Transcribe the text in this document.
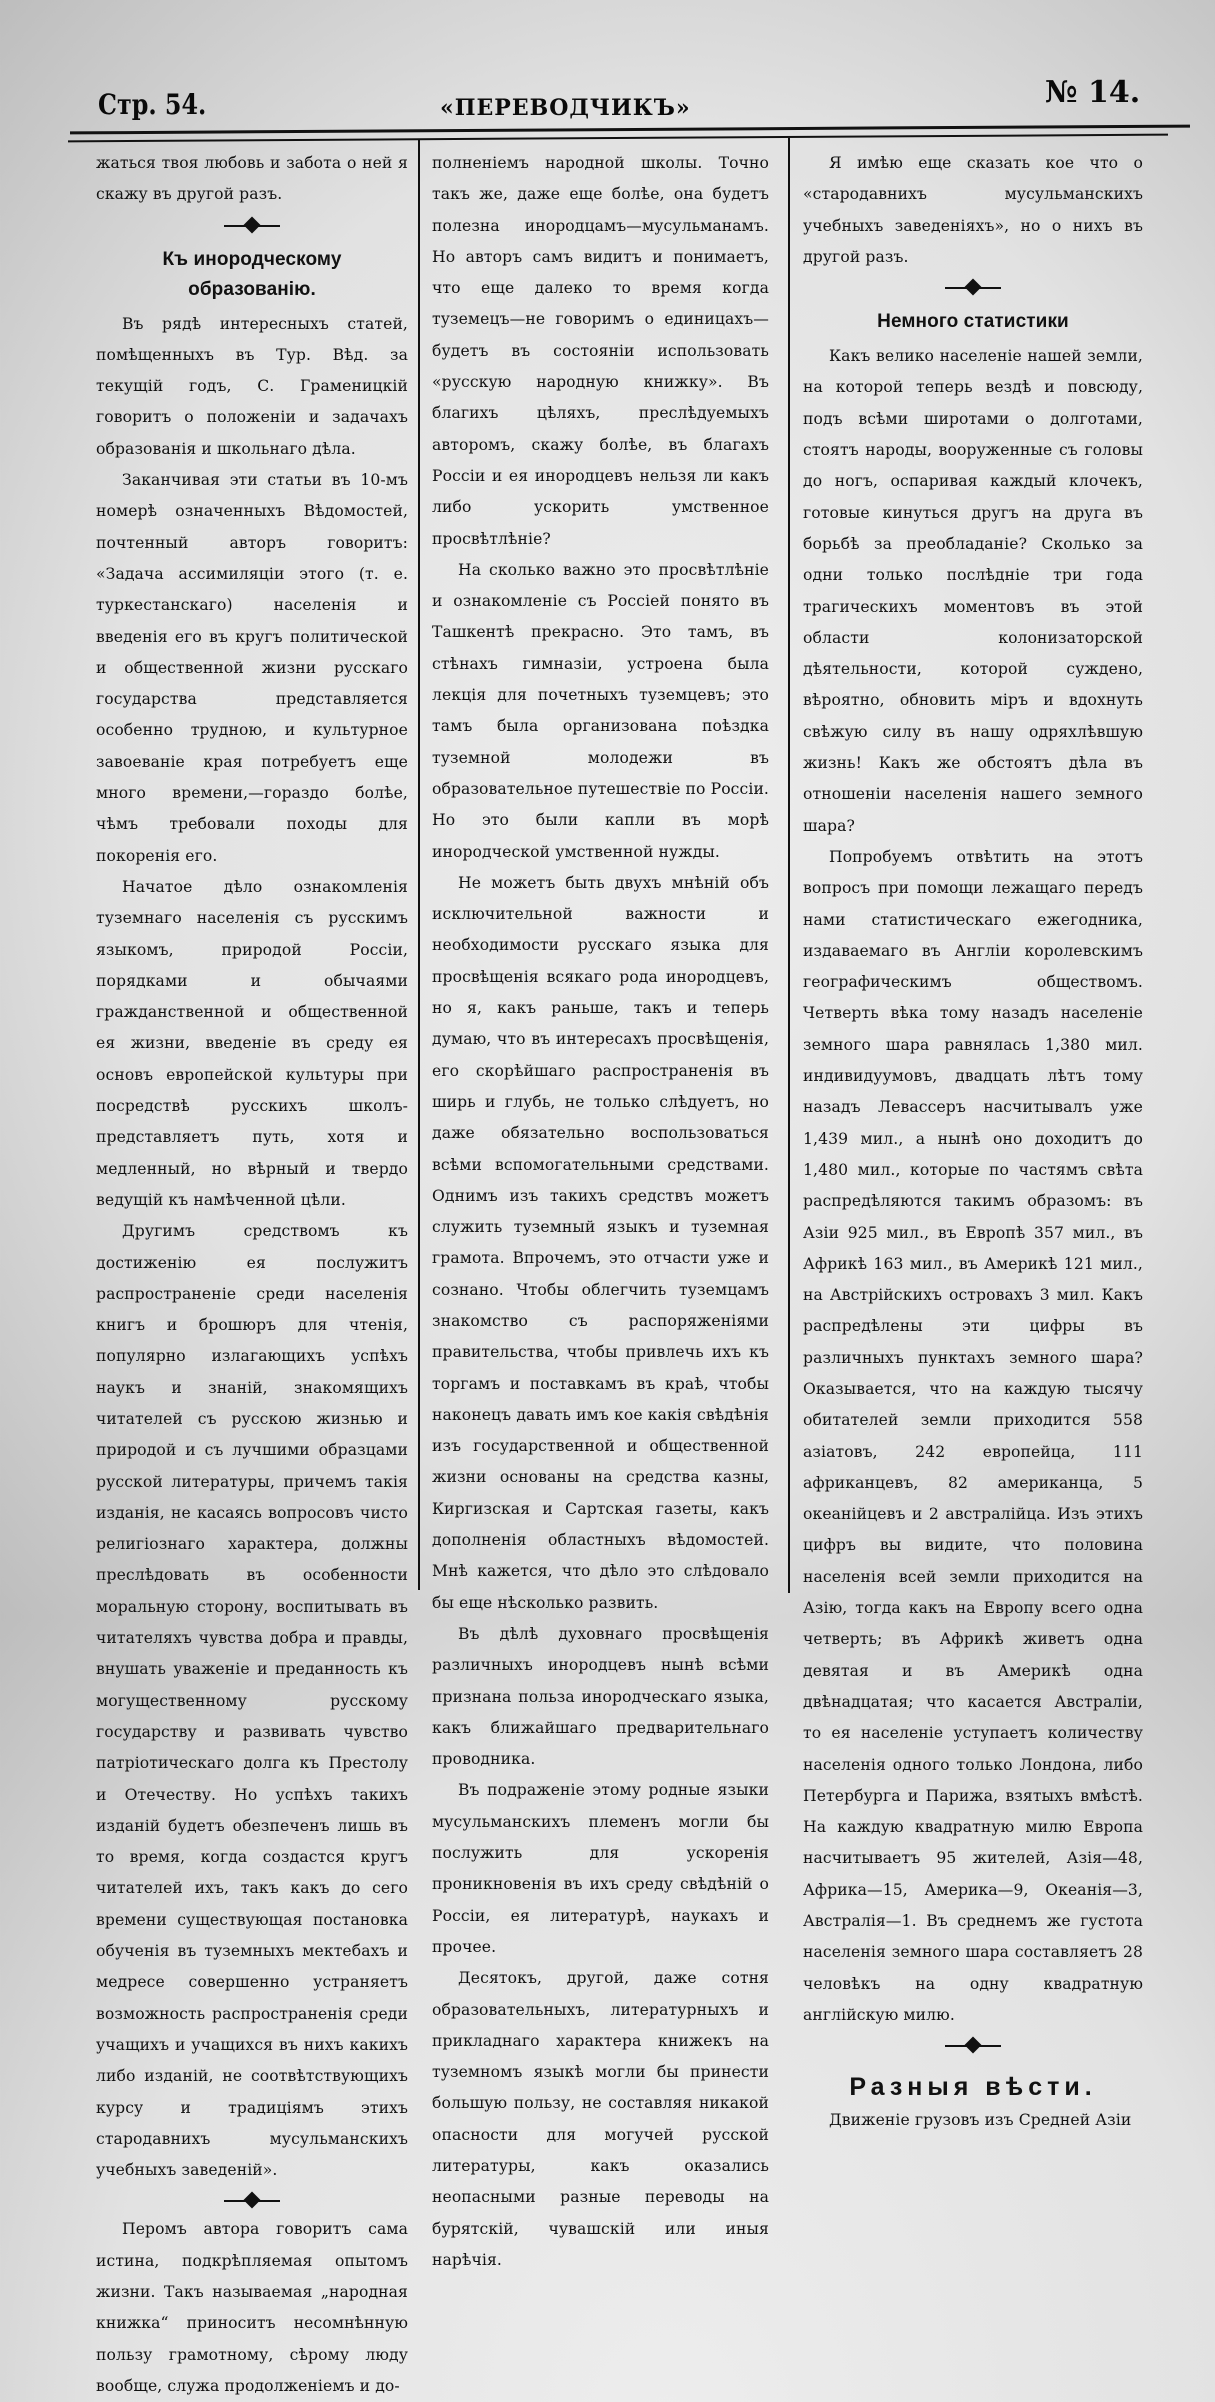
Стр. 54.	«ПЕРЕВОДЧИКЪ»	№ 14.

жаться твоя любовь и забота о ней я скажу въ другой разъ.

Къ инородческому образованію.

Въ рядѣ интересныхъ статей, помѣщенныхъ въ Тур. Вѣд. за текущій годъ, С. Граменицкій говоритъ о положеніи и задачахъ образованія и школьнаго дѣла.

Заканчивая эти статьи въ 10-мъ номерѣ означенныхъ Вѣдомостей, почтенный авторъ говоритъ: «Задача ассимиляціи этого (т. е. туркестанскаго) населенія и введенія его въ кругъ политической и общественной жизни русскаго государства представляется особенно трудною, и культурное завоеваніе края потребуетъ еще много времени,—гораздо болѣе, чѣмъ требовали походы для покоренія его.

Начатое дѣло ознакомленія туземнаго населенія съ русскимъ языкомъ, природой Россіи, порядками и обычаями гражданственной и общественной ея жизни, введеніе въ среду ея основъ европейской культуры при посредствѣ русскихъ школъ-представляетъ путь, хотя и медленный, но вѣрный и твердо ведущій къ намѣченной цѣли.

Другимъ средствомъ къ достиженію ея послужитъ распространеніе среди населенія книгъ и брошюръ для чтенія, популярно излагающихъ успѣхъ наукъ и знаній, знакомящихъ читателей съ русскою жизнью и природой и съ лучшими образцами русской литературы, причемъ такія изданія, не касаясь вопросовъ чисто религіознаго характера, должны преслѣдовать въ особенности моральную сторону, воспитывать въ читателяхъ чувства добра и правды, внушать уваженіе и преданность къ могущественному русскому государству и развивать чувство патріотическаго долга къ Престолу и Отечеству. Но успѣхъ такихъ изданій будетъ обезпеченъ лишь въ то время, когда создастся кругъ читателей ихъ, такъ какъ до сего времени существующая постановка обученія въ туземныхъ мектебахъ и медресе совершенно устраняетъ возможность распространенія среди учащихъ и учащихся въ нихъ какихъ либо изданій, не соотвѣтствующихъ курсу и традиціямъ этихъ стародавнихъ мусульманскихъ учебныхъ заведеній».

Перомъ автора говоритъ сама истина, подкрѣпляемая опытомъ жизни. Такъ называемая „народная книжка“ приноситъ несомнѣнную пользу грамотному, сѣрому люду вообще, служа продолженіемъ и до-

полненіемъ народной школы. Точно такъ же, даже еще болѣе, она будетъ полезна инородцамъ—мусульманамъ. Но авторъ самъ видитъ и понимаетъ, что еще далеко то время когда туземецъ—не говоримъ о единицахъ—будетъ въ состояніи использовать «русскую народную книжку». Въ благихъ цѣляхъ, преслѣдуемыхъ авторомъ, скажу болѣе, въ благахъ Россіи и ея инородцевъ нельзя ли какъ либо ускорить умственное просвѣтлѣніе?

На сколько важно это просвѣтлѣніе и ознакомленіе съ Россіей понято въ Ташкентѣ прекрасно. Это тамъ, въ стѣнахъ гимназіи, устроена была лекція для почетныхъ туземцевъ; это тамъ была организована поѣздка туземной молодежи въ образовательное путешествіе по Россіи. Но это были капли въ морѣ инородческой умственной нужды.

Не можетъ быть двухъ мнѣній объ исключительной важности и необходимости русскаго языка для просвѣщенія всякаго рода инородцевъ, но я, какъ раньше, такъ и теперь думаю, что въ интересахъ просвѣщенія, его скорѣйшаго распространенія въ ширь и глубь, не только слѣдуетъ, но даже обязательно воспользоваться всѣми вспомогательными средствами. Однимъ изъ такихъ средствъ можетъ служить туземный языкъ и туземная грамота. Впрочемъ, это отчасти уже и сознано. Чтобы облегчить туземцамъ знакомство съ распоряженіями правительства, чтобы привлечь ихъ къ торгамъ и поставкамъ въ краѣ, чтобы наконецъ давать имъ кое какія свѣдѣнія изъ государственной и общественной жизни основаны на средства казны, Киргизская и Сартская газеты, какъ дополненія областныхъ вѣдомостей. Мнѣ кажется, что дѣло это слѣдовало бы еще нѣсколько развить.

Въ дѣлѣ духовнаго просвѣщенія различныхъ инородцевъ нынѣ всѣми признана польза инородческаго языка, какъ ближайшаго предварительнаго проводника.

Въ подраженіе этому родные языки мусульманскихъ племенъ могли бы послужить для ускоренія проникновенія въ ихъ среду свѣдѣній о Россіи, ея литературѣ, наукахъ и прочее.

Десятокъ, другой, даже сотня образовательныхъ, литературныхъ и прикладнаго характера книжекъ на туземномъ языкѣ могли бы принести большую пользу, не составляя никакой опасности для могучей русской литературы, какъ оказались неопасными разные переводы на бурятскій, чувашскій или иныя нарѣчія.

Я имѣю еще сказать кое что о «стародавнихъ мусульманскихъ учебныхъ заведеніяхъ», но о нихъ въ другой разъ.

Немного статистики

Какъ велико населеніе нашей земли, на которой теперь вездѣ и повсюду, подъ всѣми широтами о долготами, стоятъ народы, вооруженные съ головы до ногъ, оспаривая каждый клочекъ, готовые кинуться другъ на друга въ борьбѣ за преобладаніе? Сколько за одни только послѣдніе три года трагическихъ моментовъ въ этой области колонизаторской дѣятельности, которой суждено, вѣроятно, обновить міръ и вдохнуть свѣжую силу въ нашу одряхлѣвшую жизнь! Какъ же обстоятъ дѣла въ отношеніи населенія нашего земного шара?

Попробуемъ отвѣтить на этотъ вопросъ при помощи лежащаго передъ нами статистическаго ежегодника, издаваемаго въ Англіи королевскимъ географическимъ обществомъ. Четверть вѣка тому назадъ населеніе земного шара равнялась 1,380 мил. индивидуумовъ, двадцать лѣтъ тому назадъ Левассеръ насчитывалъ уже 1,439 мил., а нынѣ оно доходитъ до 1,480 мил., которые по частямъ свѣта распредѣляются такимъ образомъ: въ Азіи 925 мил., въ Европѣ 357 мил., въ Африкѣ 163 мил., въ Америкѣ 121 мил., на Австрійскихъ островахъ 3 мил. Какъ распредѣлены эти цифры въ различныхъ пунктахъ земного шара? Оказывается, что на каждую тысячу обитателей земли приходится 558 азіатовъ, 242 европейца, 111 африканцевъ, 82 американца, 5 океанійцевъ и 2 австралійца. Изъ этихъ цифръ вы видите, что половина населенія всей земли приходится на Азію, тогда какъ на Европу всего одна четверть; въ Африкѣ живетъ одна девятая и въ Америкѣ одна двѣнадцатая; что касается Австраліи, то ея населеніе уступаетъ количеству населенія одного только Лондона, либо Петербурга и Парижа, взятыхъ вмѣстѣ. На каждую квадратную милю Европа насчитываетъ 95 жителей, Азія—48, Африка—15, Америка—9, Океанія—3, Австралія—1. Въ среднемъ же густота населенія земного шара составляетъ 28 человѣкъ на одну квадратную англійскую милю.

Разныя вѣсти.

Движеніе грузовъ изъ Средней Азіи
